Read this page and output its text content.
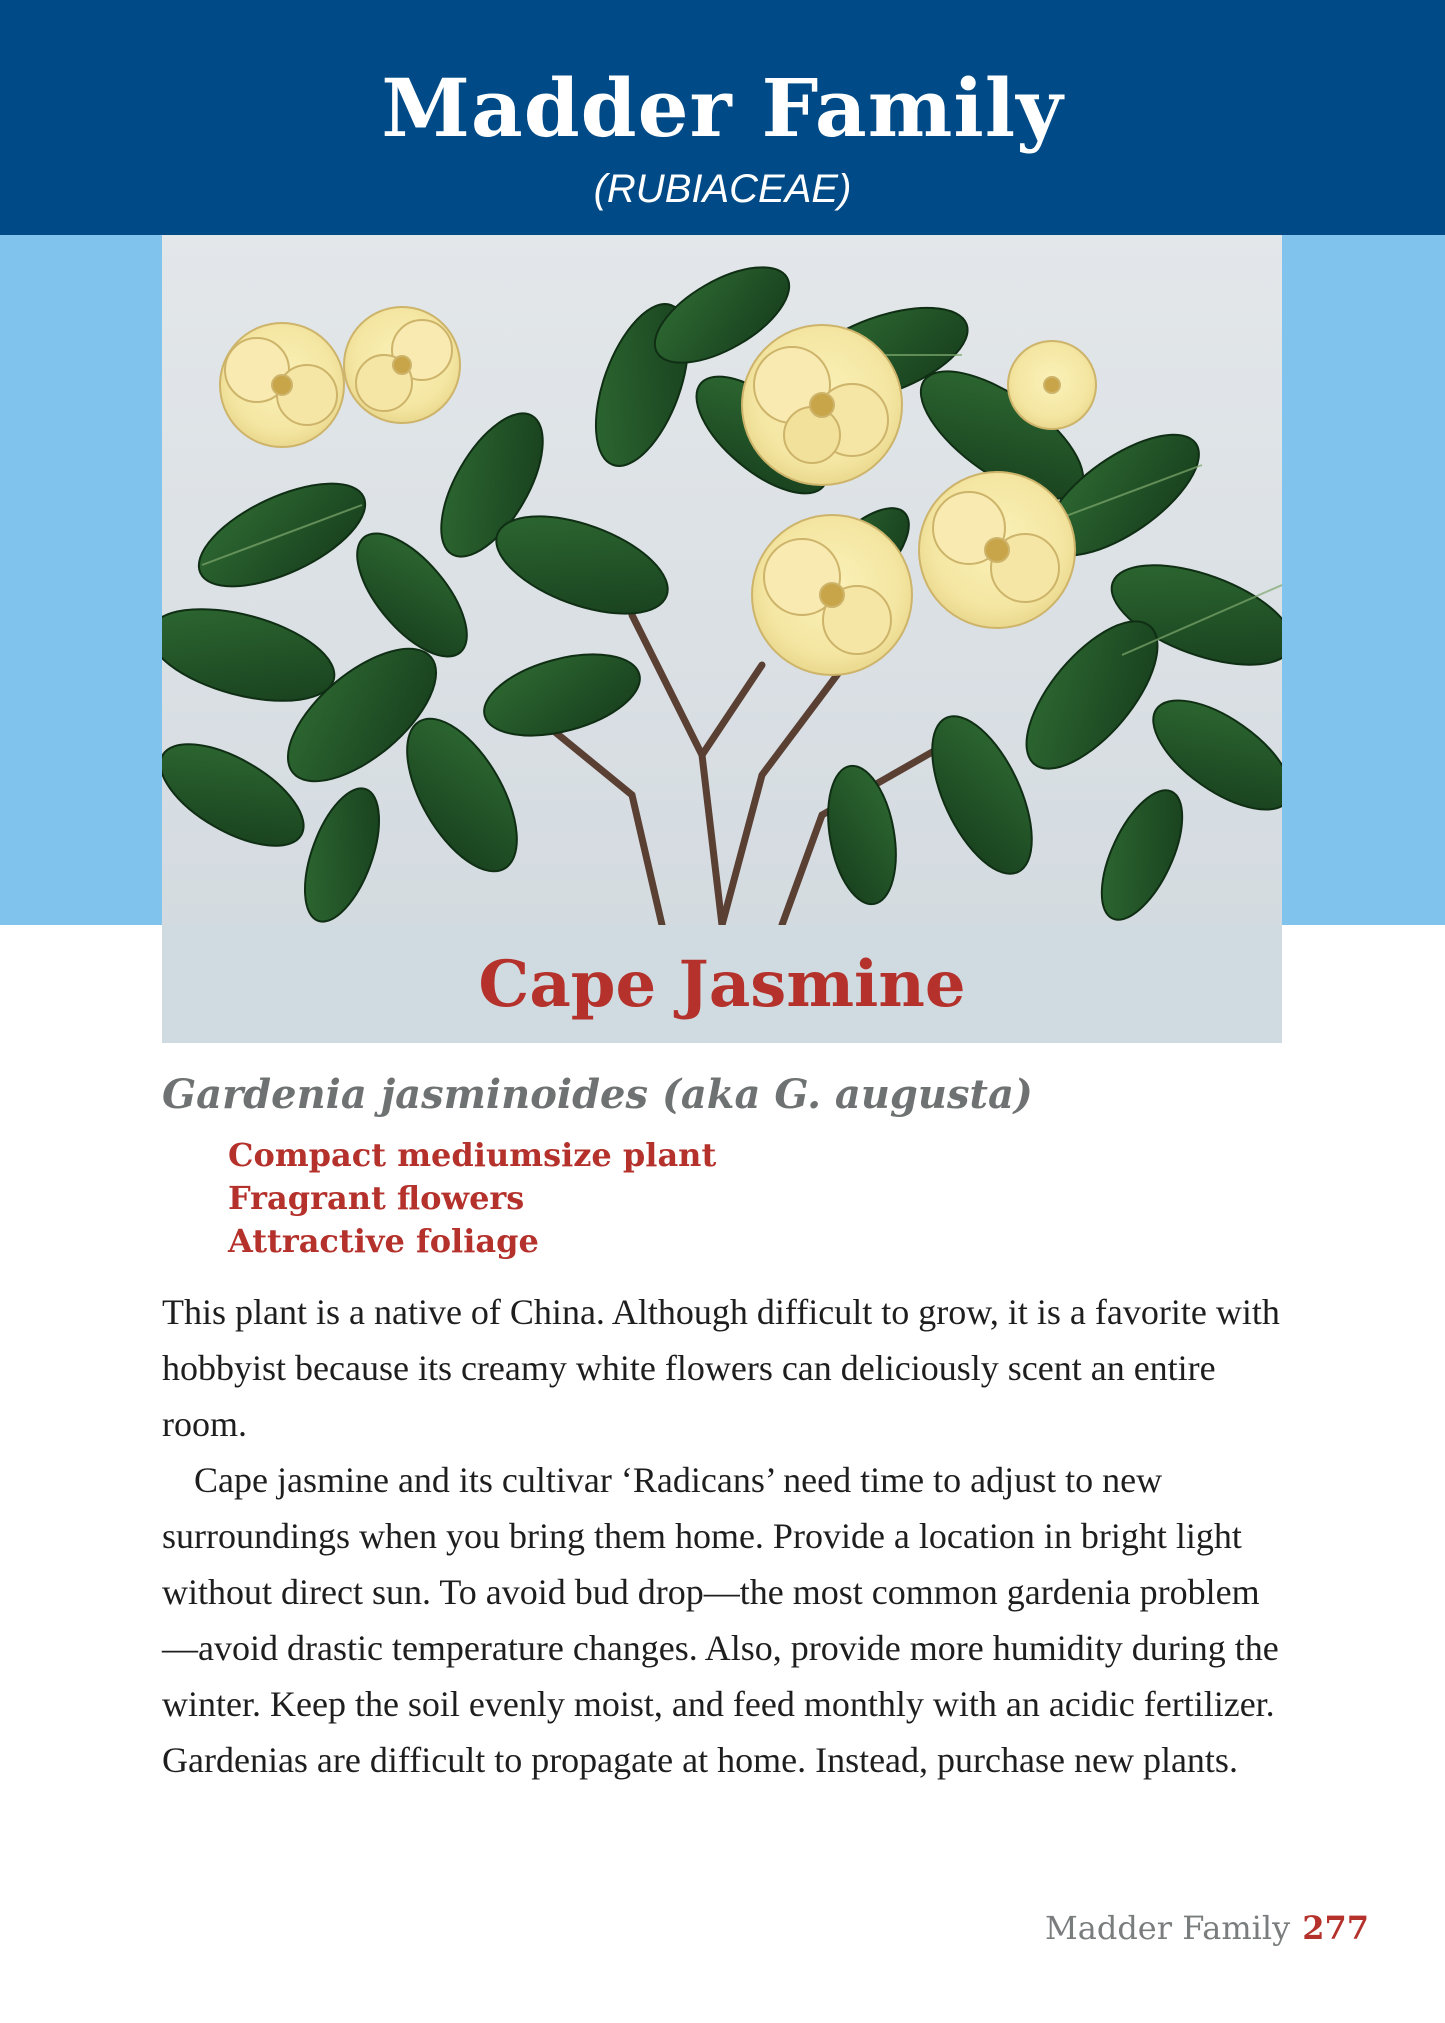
Madder Family
(RUBIACEAE)
Cape Jasmine
Gardenia jasminoides (aka G. augusta)
Compact mediumsize plant
Fragrant flowers
Attractive foliage

This plant is a native of China. Although difficult to grow, it is a favorite with hobbyist because its creamy white flowers can deliciously scent an entire room.

Cape jasmine and its cultivar ‘Radicans’ need time to adjust to new surroundings when you bring them home. Provide a location in bright light without direct sun. To avoid bud drop—the most common gardenia problem—avoid drastic temperature changes. Also, provide more humidity during the winter. Keep the soil evenly moist, and feed monthly with an acidic fertilizer. Gardenias are difficult to propagate at home. Instead, purchase new plants.

Madder Family 277
